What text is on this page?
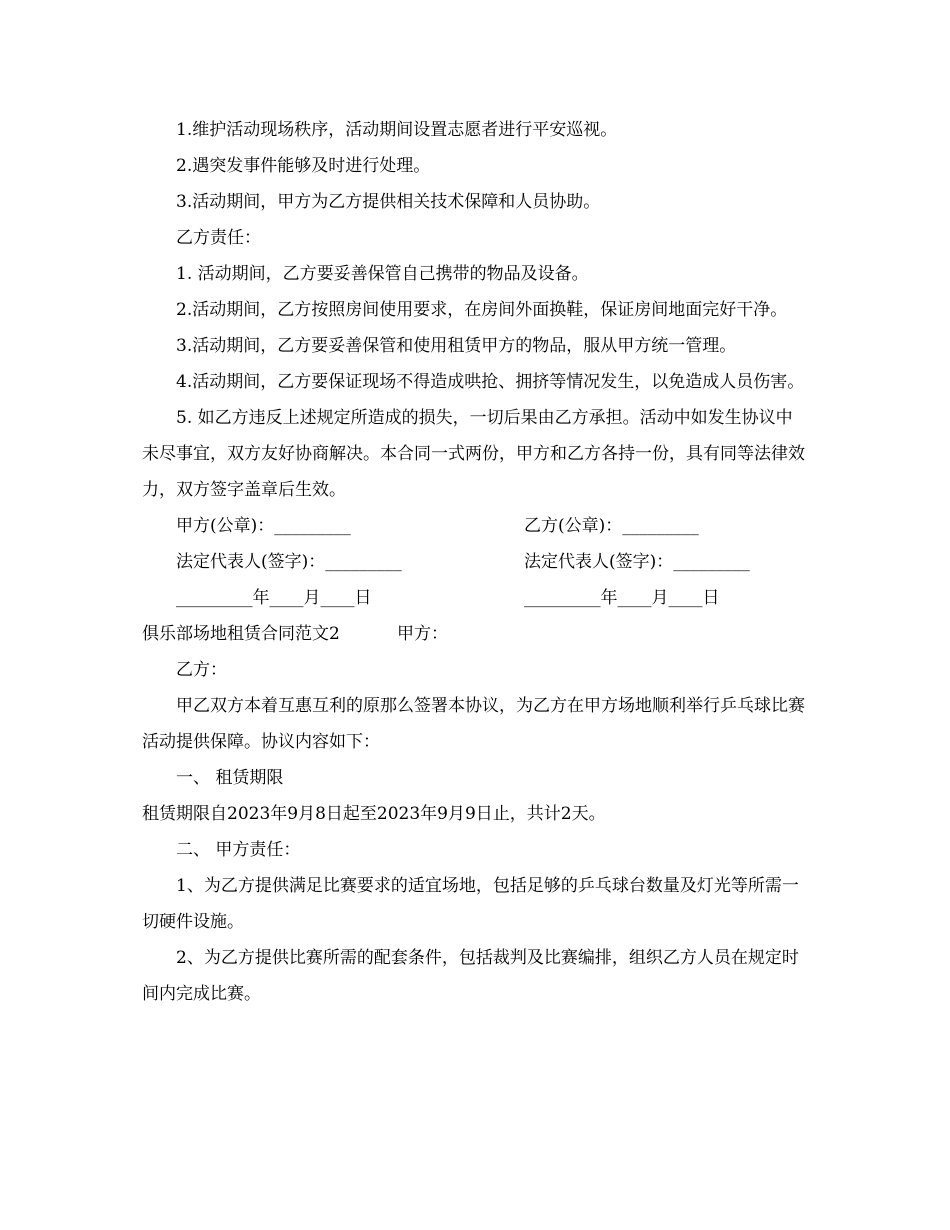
1.维护活动现场秩序，活动期间设置志愿者进行平安巡视。

2.遇突发事件能够及时进行处理。

3.活动期间，甲方为乙方提供相关技术保障和人员协助。

乙方责任：

1. 活动期间，乙方要妥善保管自己携带的物品及设备。

2.活动期间，乙方按照房间使用要求，在房间外面换鞋，保证房间地面完好干净。

3.活动期间，乙方要妥善保管和使用租赁甲方的物品，服从甲方统一管理。

4.活动期间，乙方要保证现场不得造成哄抢、拥挤等情况发生，以免造成人员伤害。

5. 如乙方违反上述规定所造成的损失，一切后果由乙方承担。活动中如发生协议中未尽事宜，双方友好协商解决。本合同一式两份，甲方和乙方各持一份，具有同等法律效力，双方签字盖章后生效。

甲方(公章)：_________	乙方(公章)：_________
法定代表人(签字)：_________	法定代表人(签字)：_________
_________年____月____日	_________年____月____日
俱乐部场地租赁合同范文2	甲方：

乙方：

甲乙双方本着互惠互利的原那么签署本协议，为乙方在甲方场地顺利举行乒乓球比赛活动提供保障。协议内容如下：

一、 租赁期限

租赁期限自2023年9月8日起至2023年9月9日止，共计2天。

二、 甲方责任：

1、为乙方提供满足比赛要求的适宜场地，包括足够的乒乓球台数量及灯光等所需一切硬件设施。

2、为乙方提供比赛所需的配套条件，包括裁判及比赛编排，组织乙方人员在规定时间内完成比赛。
